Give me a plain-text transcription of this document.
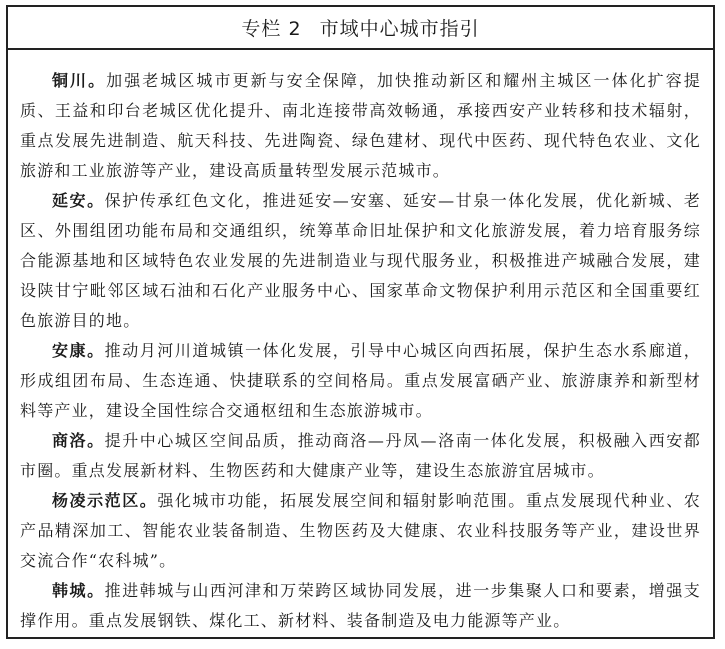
专栏 2 市域中心城市指引

铜川。加强老城区城市更新与安全保障，加快推动新区和耀州主城区一体化扩容提质、王益和印台老城区优化提升、南北连接带高效畅通，承接西安产业转移和技术辐射，重点发展先进制造、航天科技、先进陶瓷、绿色建材、现代中医药、现代特色农业、文化旅游和工业旅游等产业，建设高质量转型发展示范城市。

延安。保护传承红色文化，推进延安—安塞、延安—甘泉一体化发展，优化新城、老区、外围组团功能布局和交通组织，统筹革命旧址保护和文化旅游发展，着力培育服务综合能源基地和区域特色农业发展的先进制造业与现代服务业，积极推进产城融合发展，建设陕甘宁毗邻区域石油和石化产业服务中心、国家革命文物保护利用示范区和全国重要红色旅游目的地。

安康。推动月河川道城镇一体化发展，引导中心城区向西拓展，保护生态水系廊道，形成组团布局、生态连通、快捷联系的空间格局。重点发展富硒产业、旅游康养和新型材料等产业，建设全国性综合交通枢纽和生态旅游城市。

商洛。提升中心城区空间品质，推动商洛—丹凤—洛南一体化发展，积极融入西安都市圈。重点发展新材料、生物医药和大健康产业等，建设生态旅游宜居城市。

杨凌示范区。强化城市功能，拓展发展空间和辐射影响范围。重点发展现代种业、农产品精深加工、智能农业装备制造、生物医药及大健康、农业科技服务等产业，建设世界交流合作“农科城”。

韩城。推进韩城与山西河津和万荣跨区域协同发展，进一步集聚人口和要素，增强支撑作用。重点发展钢铁、煤化工、新材料、装备制造及电力能源等产业。
